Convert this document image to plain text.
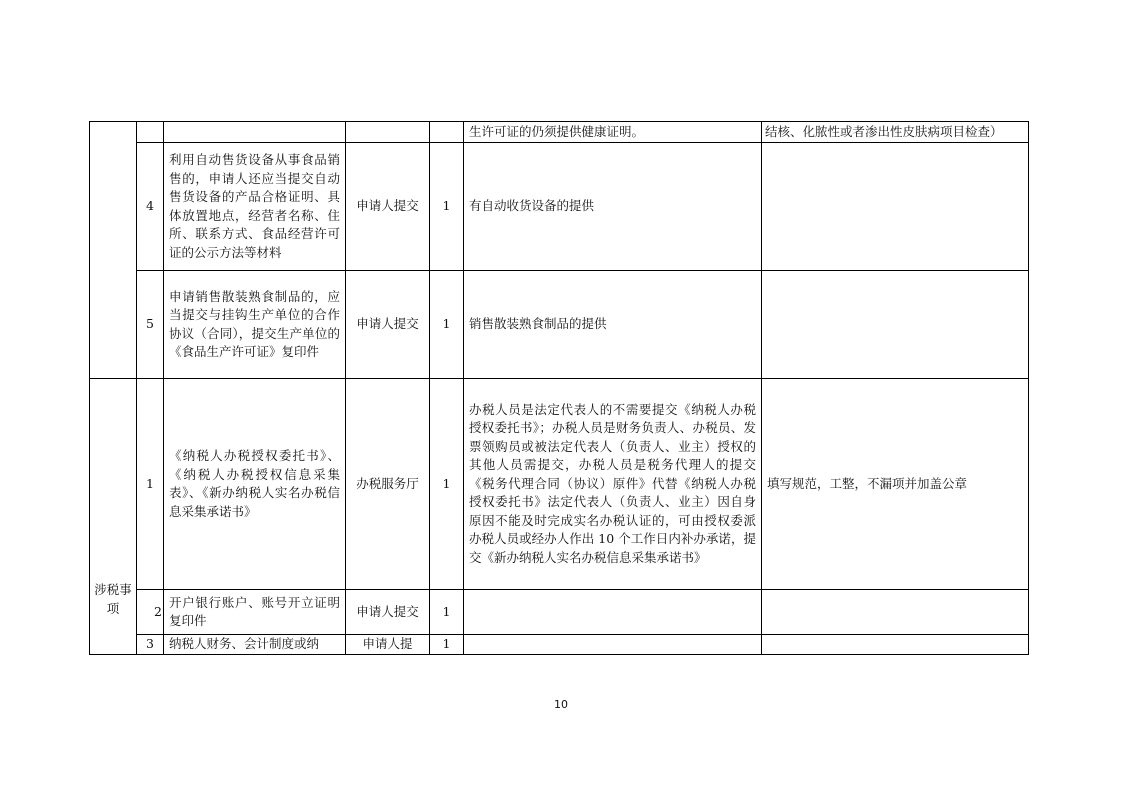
					生许可证的仍须提供健康证明。	结核、化脓性或者渗出性皮肤病项目检查）
	4	利用自动售货设备从事食品销售的，申请人还应当提交自动售货设备的产品合格证明、具体放置地点，经营者名称、住所、联系方式、食品经营许可证的公示方法等材料	申请人提交	1	有自动收货设备的提供	
	5	申请销售散装熟食制品的，应当提交与挂钩生产单位的合作协议（合同），提交生产单位的《食品生产许可证》复印件	申请人提交	1	销售散装熟食制品的提供	
涉税事项	1	《纳税人办税授权委托书》、《纳税人办税授权信息采集表》、《新办纳税人实名办税信息采集承诺书》	办税服务厅	1	办税人员是法定代表人的不需要提交《纳税人办税授权委托书》；办税人员是财务负责人、办税员、发票领购员或被法定代表人（负责人、业主）授权的其他人员需提交，办税人员是税务代理人的提交《税务代理合同（协议）原件》代替《纳税人办税授权委托书》法定代表人（负责人、业主）因自身原因不能及时完成实名办税认证的，可由授权委派办税人员或经办人作出 10 个工作日内补办承诺，提交《新办纳税人实名办税信息采集承诺书》	填写规范，工整，不漏项并加盖公章
	2	开户银行账户、账号开立证明复印件	申请人提交	1		
	3	纳税人财务、会计制度或纳	申请人提	1		
10
